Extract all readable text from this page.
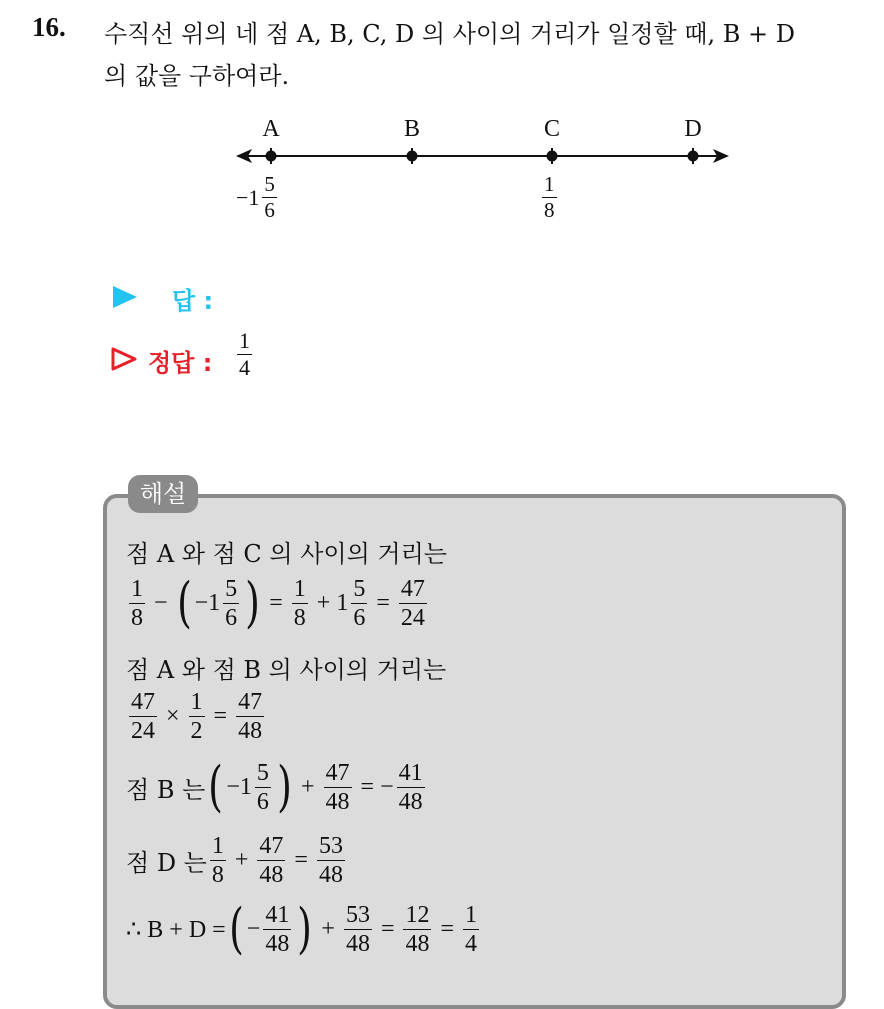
16. 수직선 위의 네 점 A, B, C, D 의 사이의 거리가 일정할 때, B + D
의 값을 구하여라.
A	B	C	D
$-1 \frac{5}{6}$	$\frac{1}{8}$
답 :
정답 : $\frac{1}{4}$
해설
점 A 와 점 C 의 사이의 거리는
$\frac{1}{8}$ − ( $-1 \frac{5}{6}$ ) = $\frac{1}{8} + 1 \frac{5}{6} = \frac{47}{24}$
점 A 와 점 B 의 사이의 거리는
$\frac{47}{24} \times \frac{1}{2} = \frac{47}{48}$
점 B 는 ( $-1 \frac{5}{6}$ ) + $\frac{47}{48}$ = − $\frac{41}{48}$
점 D 는 $\frac{1}{8} + \frac{47}{48} = \frac{53}{48}$
∴ B + D = ( − $\frac{41}{48}$ ) + $\frac{53}{48} = \frac{12}{48} = \frac{1}{4}$
